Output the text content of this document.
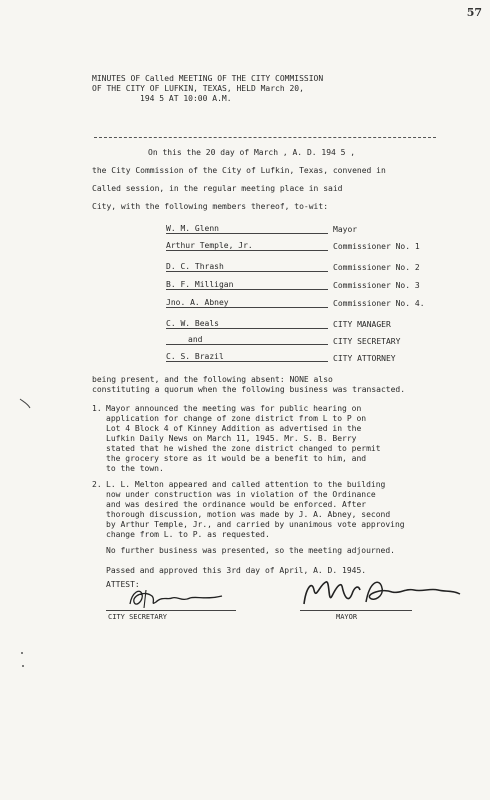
57
MINUTES OF Called MEETING OF THE CITY COMMISSION
OF THE CITY OF LUFKIN, TEXAS, HELD March 20,
194 5 AT 10:00 A.M.
On this the 20 day of March , A. D. 194 5 ,
the City Commission of the City of Lufkin, Texas, convened in
Called session, in the regular meeting place in said
City, with the following members thereof, to-wit:
W. M. Glenn	Mayor
Arthur Temple, Jr.	Commissioner No. 1
D. C. Thrash	Commissioner No. 2
B. F. Milligan	Commissioner No. 3
Jno. A. Abney	Commissioner No. 4.
C. W. Beals	CITY MANAGER
and	CITY SECRETARY
C. S. Brazil	CITY ATTORNEY
being present, and the following absent: NONE also
constituting a quorum when the following business was transacted.
1. Mayor announced the meeting was for public hearing on
application for change of zone district from L to P on
Lot 4 Block 4 of Kinney Addition as advertised in the
Lufkin Daily News on March 11, 1945. Mr. S. B. Berry
stated that he wished the zone district changed to permit
the grocery store as it would be a benefit to him, and
to the town.
2. L. L. Melton appeared and called attention to the building
now under construction was in violation of the Ordinance
and was desired the ordinance would be enforced. After
thorough discussion, motion was made by J. A. Abney, second
by Arthur Temple, Jr., and carried by unanimous vote approving
change from L. to P. as requested.
No further business was presented, so the meeting adjourned.
Passed and approved this 3rd day of April, A. D. 1945.
ATTEST:
CITY SECRETARY	MAYOR
